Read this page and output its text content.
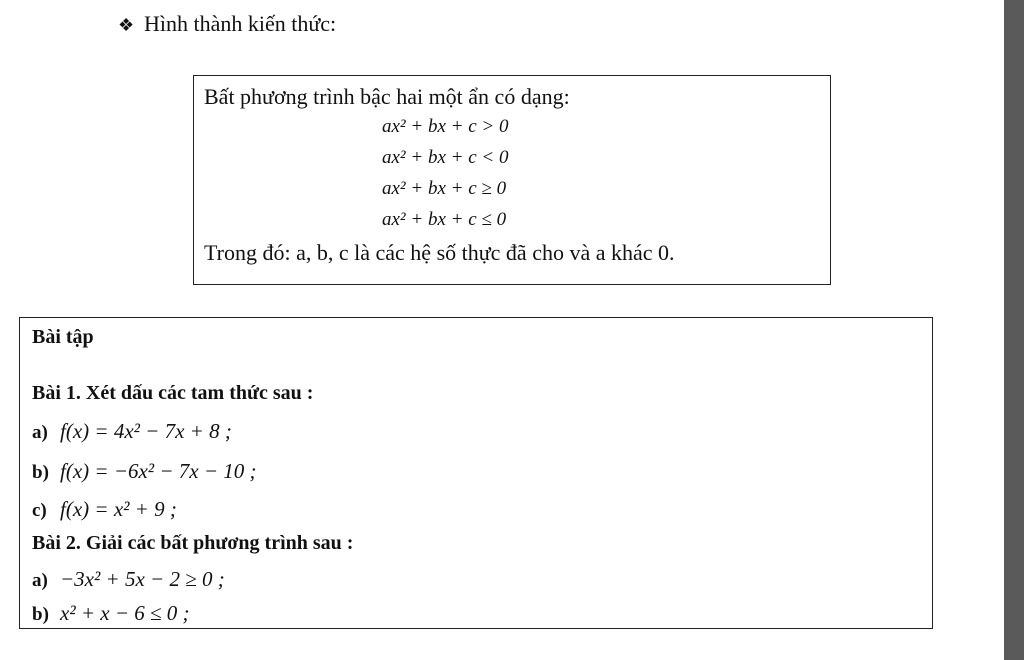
❖ Hình thành kiến thức:
Bất phương trình bậc hai một ẩn có dạng:
ax² + bx + c > 0
ax² + bx + c < 0
ax² + bx + c ≥ 0
ax² + bx + c ≤ 0
Trong đó: a, b, c là các hệ số thực đã cho và a khác 0.
Bài tập
Bài 1. Xét dấu các tam thức sau :
a) f(x) = 4x² − 7x + 8 ;
b) f(x) = −6x² − 7x − 10 ;
c) f(x) = x² + 9 ;
Bài 2. Giải các bất phương trình sau :
a) −3x² + 5x − 2 ≥ 0 ;
b) x² + x − 6 ≤ 0 ;
